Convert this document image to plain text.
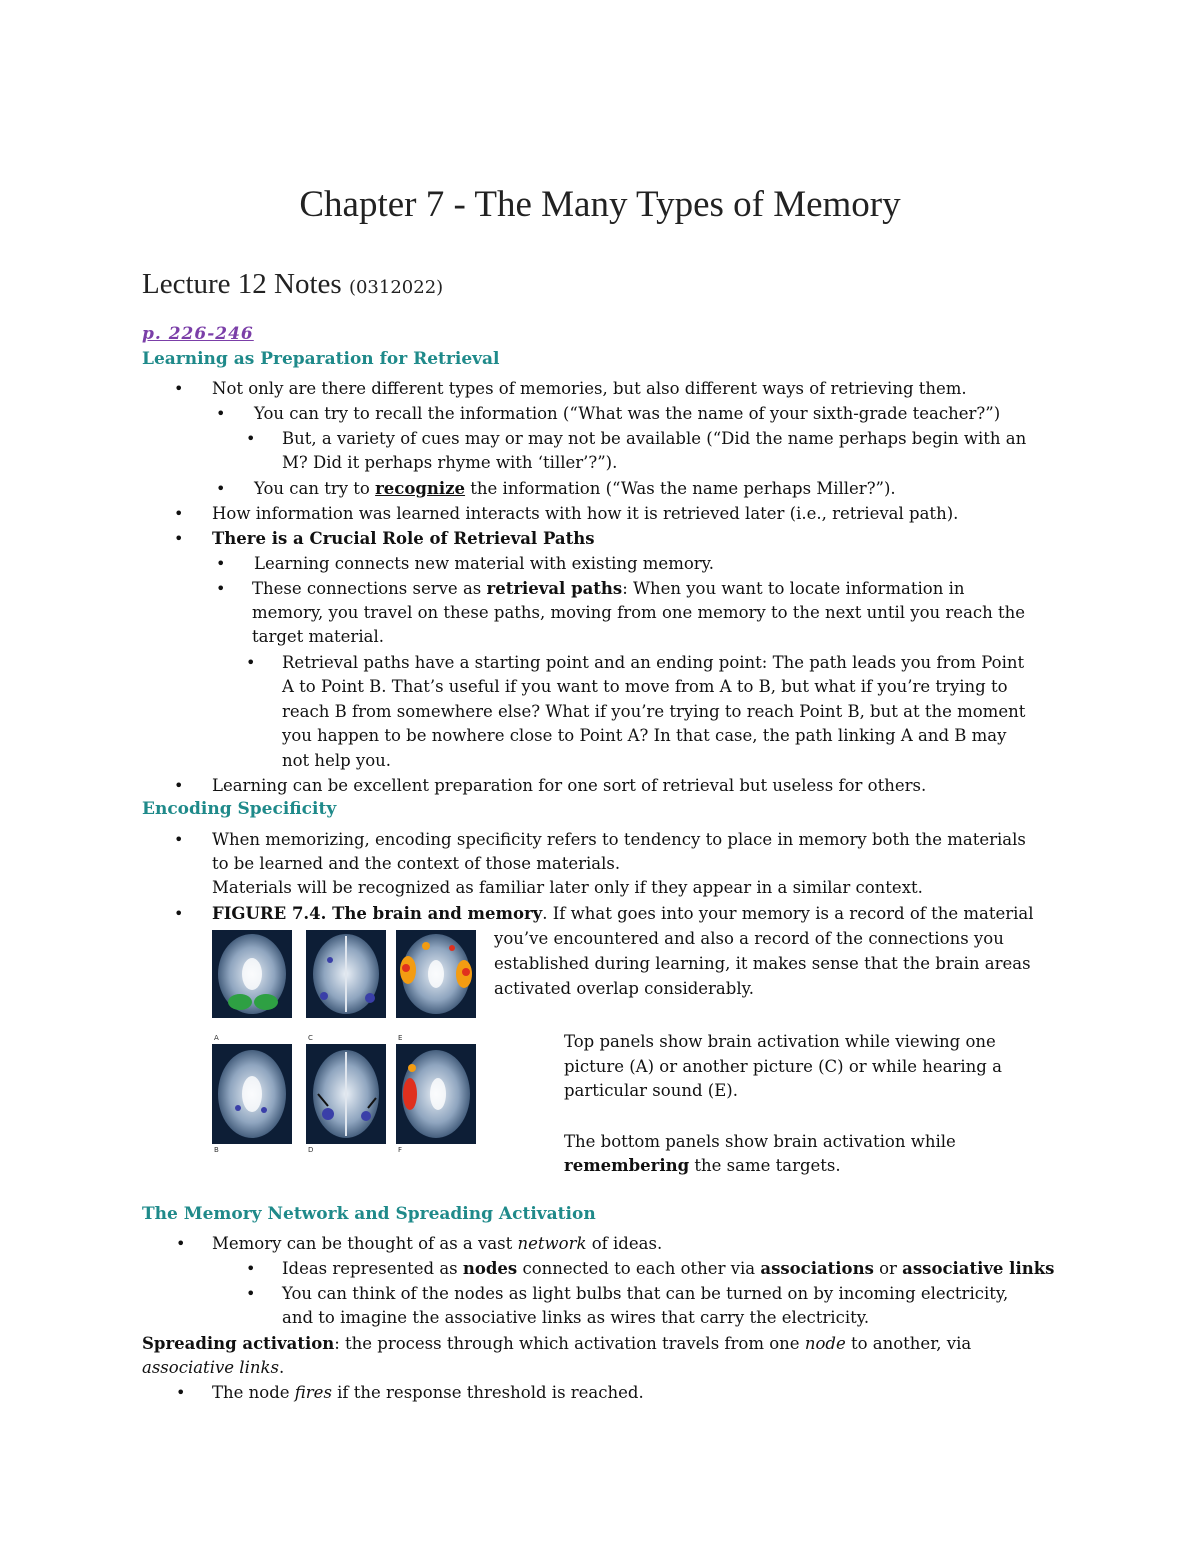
Chapter 7 - The Many Types of Memory
Lecture 12 Notes (0312022)
p. 226-246
Learning as Preparation for Retrieval
• Not only are there different types of memories, but also different ways of retrieving them.
• You can try to recall the information (“What was the name of your sixth-grade teacher?”)
• But, a variety of cues may or may not be available (“Did the name perhaps begin with an
M? Did it perhaps rhyme with ‘tiller’?”).
• You can try to recognize the information (“Was the name perhaps Miller?”).
• How information was learned interacts with how it is retrieved later (i.e., retrieval path).
• There is a Crucial Role of Retrieval Paths
• Learning connects new material with existing memory.
• These connections serve as retrieval paths: When you want to locate information in
memory, you travel on these paths, moving from one memory to the next until you reach the
target material.
• Retrieval paths have a starting point and an ending point: The path leads you from Point
A to Point B. That’s useful if you want to move from A to B, but what if you’re trying to
reach B from somewhere else? What if you’re trying to reach Point B, but at the moment
you happen to be nowhere close to Point A? In that case, the path linking A and B may
not help you.
• Learning can be excellent preparation for one sort of retrieval but useless for others.
Encoding Specificity
• When memorizing, encoding specificity refers to tendency to place in memory both the materials
to be learned and the context of those materials.
Materials will be recognized as familiar later only if they appear in a similar context.
• FIGURE 7.4. The brain and memory. If what goes into your memory is a record of the material
you’ve encountered and also a record of the connections you
established during learning, it makes sense that the brain areas
activated overlap considerably.
A	C	E
B	D	F
Top panels show brain activation while viewing one
picture (A) or another picture (C) or while hearing a
particular sound (E).
The bottom panels show brain activation while
remembering the same targets.
The Memory Network and Spreading Activation
• Memory can be thought of as a vast network of ideas.
• Ideas represented as nodes connected to each other via associations or associative links
• You can think of the nodes as light bulbs that can be turned on by incoming electricity,
and to imagine the associative links as wires that carry the electricity.
Spreading activation: the process through which activation travels from one node to another, via
associative links.
• The node fires if the response threshold is reached.
